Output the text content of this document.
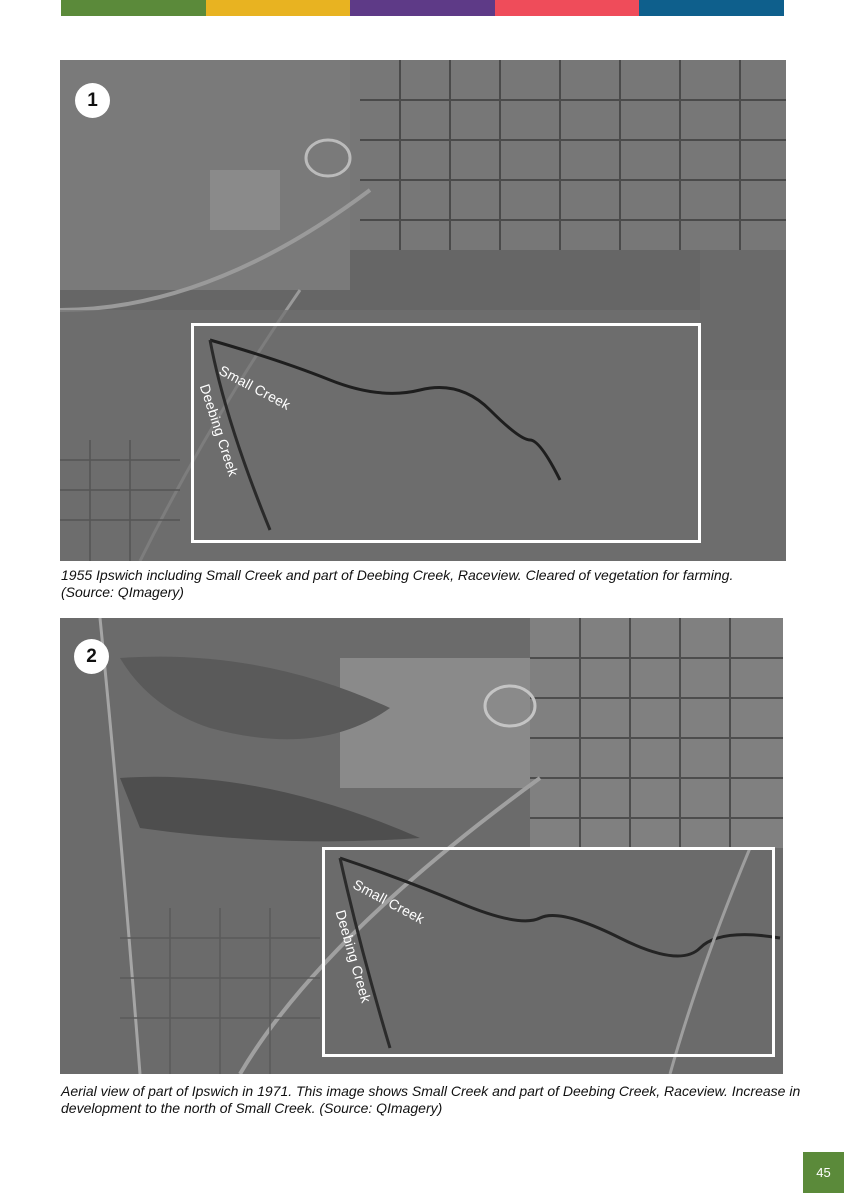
1
Small Creek
Deebing Creek

1955 Ipswich including Small Creek and part of Deebing Creek, Raceview. Cleared of vegetation for farming. (Source: QImagery)

2
Small Creek
Deebing Creek

Aerial view of part of Ipswich in 1971. This image shows Small Creek and part of Deebing Creek, Raceview. Increase in development to the north of Small Creek. (Source: QImagery)

45
